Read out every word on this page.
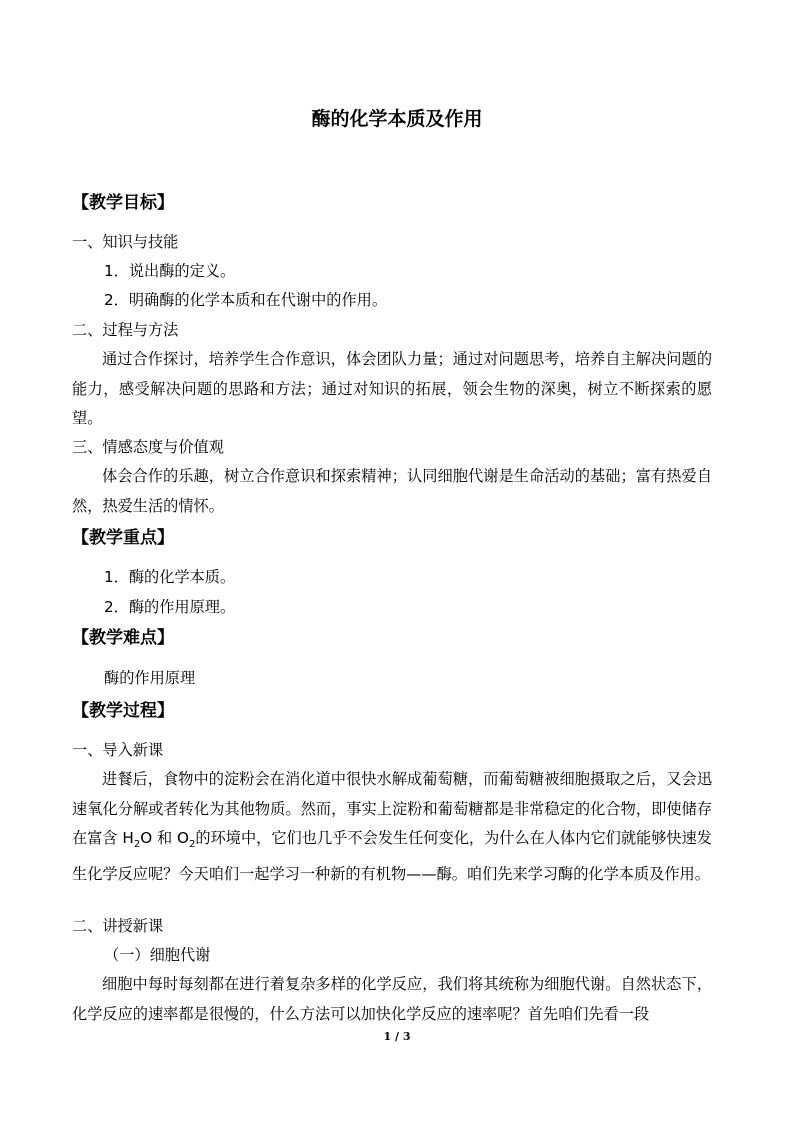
酶的化学本质及作用
【教学目标】
一、知识与技能
1．说出酶的定义。
2．明确酶的化学本质和在代谢中的作用。
二、过程与方法
通过合作探讨，培养学生合作意识，体会团队力量；通过对问题思考，培养自主解决问题的能力，感受解决问题的思路和方法；通过对知识的拓展，领会生物的深奥，树立不断探索的愿望。
三、情感态度与价值观
体会合作的乐趣，树立合作意识和探索精神；认同细胞代谢是生命活动的基础；富有热爱自然，热爱生活的情怀。
【教学重点】
1．酶的化学本质。
2．酶的作用原理。
【教学难点】
酶的作用原理
【教学过程】
一、导入新课
进餐后，食物中的淀粉会在消化道中很快水解成葡萄糖，而葡萄糖被细胞摄取之后，又会迅速氧化分解或者转化为其他物质。然而，事实上淀粉和葡萄糖都是非常稳定的化合物，即使储存在富含 $H_2O$ 和 $O_2$的环境中，它们也几乎不会发生任何变化，为什么在人体内它们就能够快速发生化学反应呢？今天咱们一起学习一种新的有机物——酶。咱们先来学习酶的化学本质及作用。
二、讲授新课
（一）细胞代谢
细胞中每时每刻都在进行着复杂多样的化学反应，我们将其统称为细胞代谢。自然状态下，化学反应的速率都是很慢的，什么方法可以加快化学反应的速率呢？首先咱们先看一段
1 / 3
